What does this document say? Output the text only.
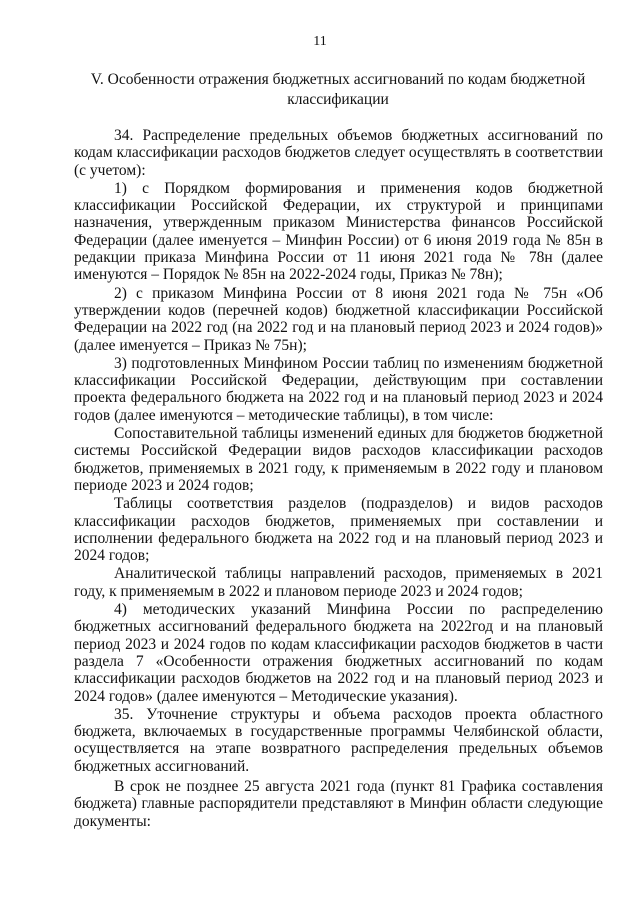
11
V. Особенности отражения бюджетных ассигнований по кодам бюджетной классификации

34. Распределение предельных объемов бюджетных ассигнований по кодам классификации расходов бюджетов следует осуществлять в соответствии (с учетом):

1) с Порядком формирования и применения кодов бюджетной классификации Российской Федерации, их структурой и принципами назначения, утвержденным приказом Министерства финансов Российской Федерации (далее именуется – Минфин России) от 6 июня 2019 года № 85н в редакции приказа Минфина России от 11 июня 2021 года № 78н (далее именуются – Порядок № 85н на 2022-2024 годы, Приказ № 78н);

2) с приказом Минфина России от 8 июня 2021 года № 75н «Об утверждении кодов (перечней кодов) бюджетной классификации Российской Федерации на 2022 год (на 2022 год и на плановый период 2023 и 2024 годов)» (далее именуется – Приказ № 75н);

3) подготовленных Минфином России таблиц по изменениям бюджетной классификации Российской Федерации, действующим при составлении проекта федерального бюджета на 2022 год и на плановый период 2023 и 2024 годов (далее именуются – методические таблицы), в том числе:

Сопоставительной таблицы изменений единых для бюджетов бюджетной системы Российской Федерации видов расходов классификации расходов бюджетов, применяемых в 2021 году, к применяемым в 2022 году и плановом периоде 2023 и 2024 годов;

Таблицы соответствия разделов (подразделов) и видов расходов классификации расходов бюджетов, применяемых при составлении и исполнении федерального бюджета на 2022 год и на плановый период 2023 и 2024 годов;

Аналитической таблицы направлений расходов, применяемых в 2021 году, к применяемым в 2022 и плановом периоде 2023 и 2024 годов;

4) методических указаний Минфина России по распределению бюджетных ассигнований федерального бюджета на 2022год и на плановый период 2023 и 2024 годов по кодам классификации расходов бюджетов в части раздела 7 «Особенности отражения бюджетных ассигнований по кодам классификации расходов бюджетов на 2022 год и на плановый период 2023 и 2024 годов» (далее именуются – Методические указания).

35. Уточнение структуры и объема расходов проекта областного бюджета, включаемых в государственные программы Челябинской области, осуществляется на этапе возвратного распределения предельных объемов бюджетных ассигнований.

В срок не позднее 25 августа 2021 года (пункт 81 Графика составления бюджета) главные распорядители представляют в Минфин области следующие документы:
